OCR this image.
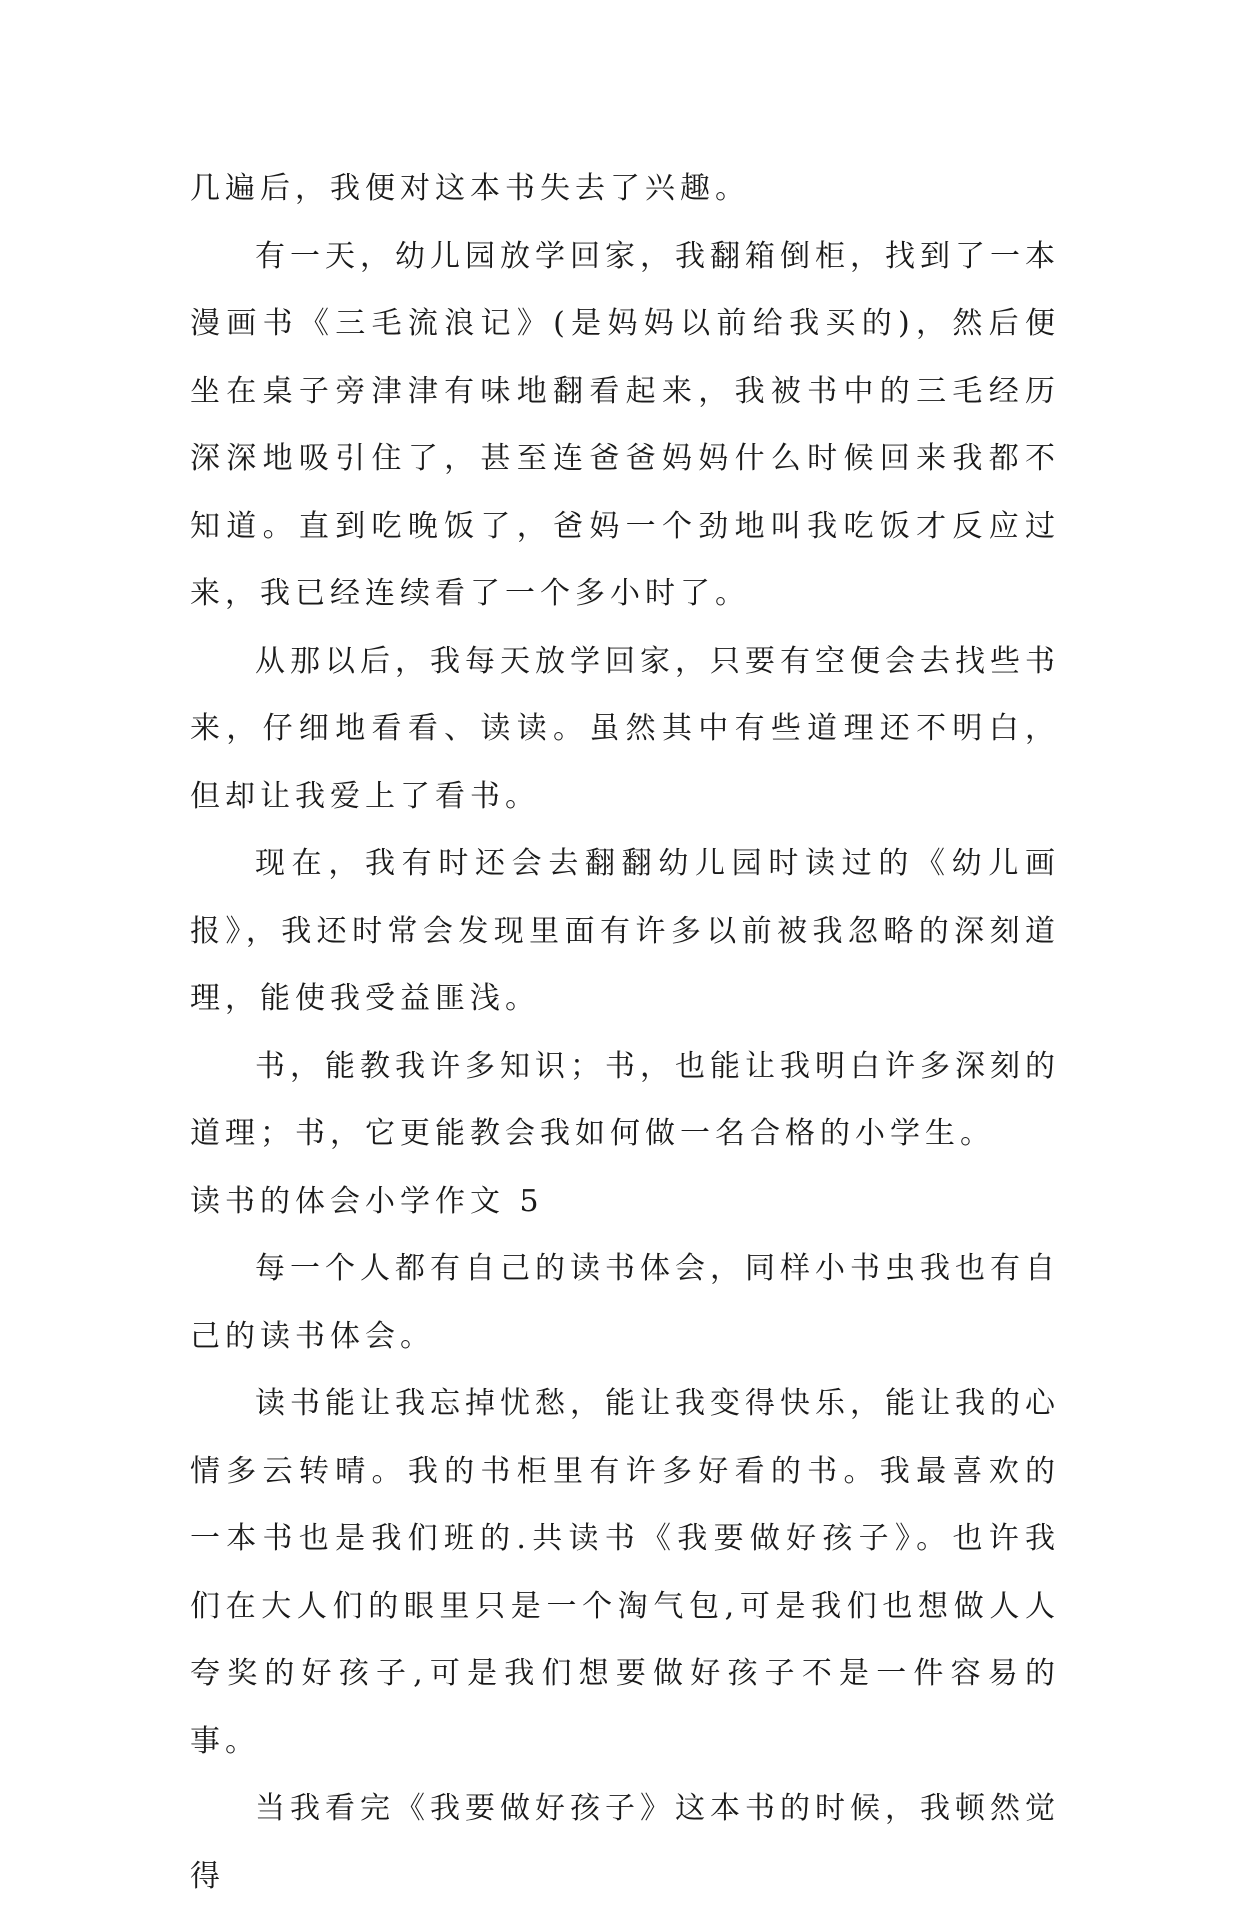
几遍后，我便对这本书失去了兴趣。

有一天，幼儿园放学回家，我翻箱倒柜，找到了一本漫画书《三毛流浪记》(是妈妈以前给我买的)，然后便坐在桌子旁津津有味地翻看起来，我被书中的三毛经历深深地吸引住了，甚至连爸爸妈妈什么时候回来我都不知道。直到吃晚饭了，爸妈一个劲地叫我吃饭才反应过来，我已经连续看了一个多小时了。

从那以后，我每天放学回家，只要有空便会去找些书来，仔细地看看、读读。虽然其中有些道理还不明白，但却让我爱上了看书。

现在，我有时还会去翻翻幼儿园时读过的《幼儿画报》，我还时常会发现里面有许多以前被我忽略的深刻道理，能使我受益匪浅。

书，能教我许多知识；书，也能让我明白许多深刻的道理；书，它更能教会我如何做一名合格的小学生。

读书的体会小学作文 5

每一个人都有自己的读书体会，同样小书虫我也有自己的读书体会。

读书能让我忘掉忧愁，能让我变得快乐，能让我的心情多云转晴。我的书柜里有许多好看的书。我最喜欢的一本书也是我们班的.共读书《我要做好孩子》。也许我们在大人们的眼里只是一个淘气包,可是我们也想做人人夸奖的好孩子,可是我们想要做好孩子不是一件容易的事。

当我看完《我要做好孩子》这本书的时候，我顿然觉得
